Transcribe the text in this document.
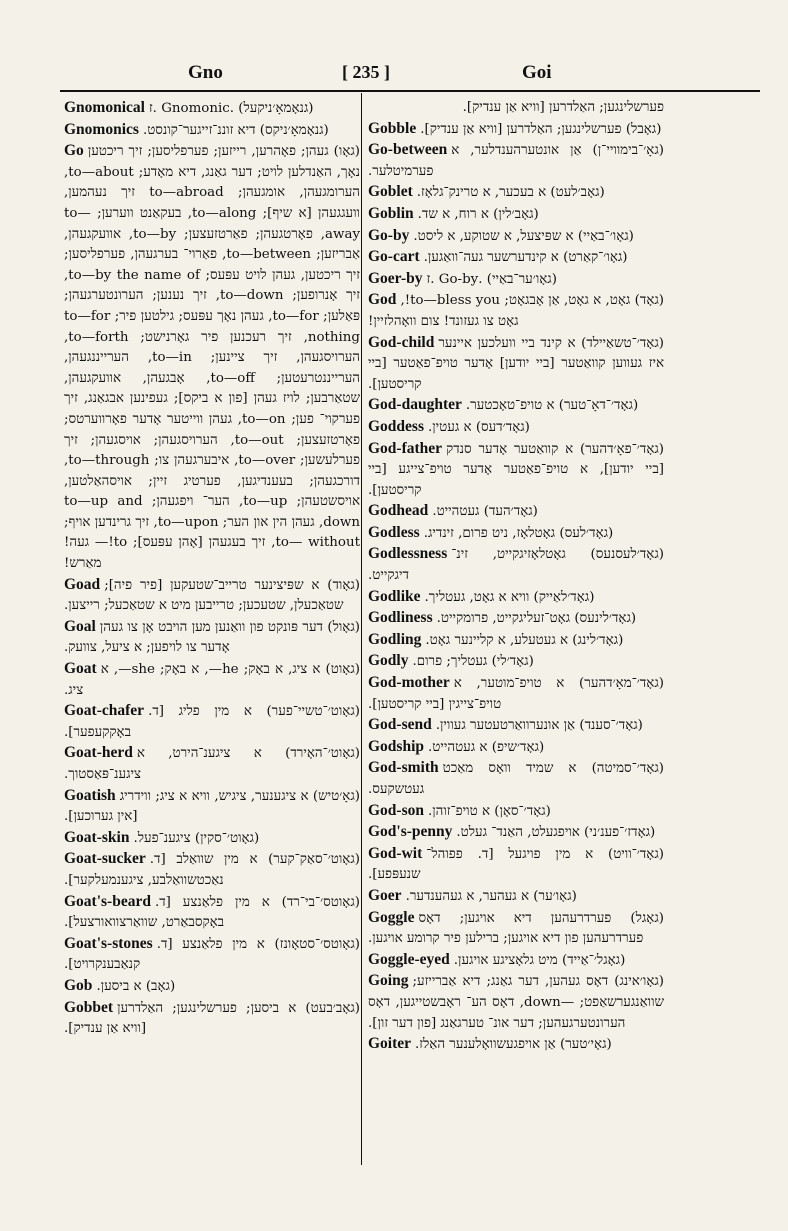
Gno	[ 235 ]	Goi

Gnomonical (גנאָמאָ׳ניקעל) .Gnomonic .ז

Gnomonics (גנאָמאָ׳ניקס) דיא זוננ־זייגער־קונסט.

Go (גאָו) געהן; פאָהרען, רייזען; פערפליסען; זיך ריכטען נאָך, האַנדלען לויט; דער גאַנג, דיא מאָדע; to—about, הערומגעהן, אומגעהן; to—abroad זיך נעהמען, וועגגעהן [א שיף]; to—along, בעקאַנט ווערען; to—away, פאָרטגעהן; פאַרטזעצען; to—by, אוועקגעהן, אַבריזען; to—between, פאַרוי־ בערגעהן, פערפליסען; זיך ריכטען, געהן לויט עפּעס; to—by the name of, זיך אָנרופען; to—down, זיך נענען; הערונטערגעהן; פּאַלען; to—for, געהן נאָך עפּעס; גילטען פיר; to—for nothing, זיך רעכנען פיר גאָרנישט; to—forth, הערויסגעהן, זיך ציינען; to—in, הערייננגעהן, הערייננטרעטען; to—off, אָבגעהן, אוועקגעהן, שטאַרבען; לויז געהן [פון א ביקס]; געפינען אבגאַנג, זיך פערקוי־ פען; to—on, געהן ווייטער אָדער פאָרווערטס; פאָרטזעצען; to—out, הערויסגעהן; אויסגעהן; זיך פערלעשען; to—over, איבערגעהן צו; to—through, דורכגעהן; בעענדיגען, פערטיג זיין; אויסהאַלטען, אויסשטעהן; to—up, הער־ ויפגעהן; to—up and down, געהן הין און הער; to—upon, זיך גרינדען אויף; to— without, זיך בעגעהן [אָהן עפּעס]; to!— געה! מאַרש!

Goad (גאָוד) א שפּיצינער טרייב־שטעקען [פיר פיה]; שטאַכעלן, שטעכען; טרייבען מיט א שטאַכעל; רייצען.

Goal (גאָול) דער פּונקט פון וואַנען מען הויבט אָן צו געהן אָדער צו לויפען; א ציעל, צוועק.

Goat (גאָוט) א ציג, א באָק; he—, א באָק; she—, א ציג.

Goat-chafer (גאָוט׳־טשיי־פער) א מין פליג [ד. באָקקעפער].

Goat-herd (גאָוט׳־האָירד) א ציגענ־הירט, א ציגענ־פּאַסטוך.

Goatish (גאָ׳טיש) א ציגענער, ציגיש, וויא א ציג; ווידריג [אין גערוכען].

Goat-skin (גאָוט׳־סקין) ציגענ־פעל.

Goat-sucker (גאָוט׳־סאַק־קער) א מין שוואַלב [ד. נאַכטשוואַלבע, ציגענמעלקער].

Goat's-beard (גאָוטס׳־בי־רד) א מין פלאַנצע [ד. באָקסבאַרט, שוואַרצוואורצעל].

Goat's-stones (גאָוטס׳־סטאָונז) א מין פלאַנצע [ד. קנאַבענקרויט].

Gob (גאָב) א ביסען.

Gobbet (גאָב׳בעט) א ביסען; פערשלינגען; האַלדרען [וויא אַן ענדיק].

פערשלינגען; האַלדרען [וויא אַן ענדיק].

Gobble (גאָבל) פערשלינגען; האַלדרען [וויא אַן ענדיק].

Go-between (גאָ׳־בימוויי־ן) אַן אונטערהענדלער, א פערמיטלער.

Goblet (גאָב׳לעט) א בעכער, א טרינק־גלאָז.

Goblin (גאָב׳לין) א רוח, א שד.

Go-by (גאָו׳־באַיי) א שפּיצעל, א שטוקע, א ליסט.

Go-cart (גאָו׳־קאַרט) א קינדערשער געה־וואַגען.

Goer-by (גאָו׳ער־באַיי) .Go-by .ז

God (גאָד) גאָט, א גאָט, אַן אָבגאָט; to—bless you!, גאָט צו געזונד! צום וואָהלזיין!

God-child (גאָד׳־טשאַיילד) א קינד ביי וועלכען איינער איז געווען קוואַטער [ביי יודען] אָדער טויפ־פאַטער [ביי קריסטען].

God-daughter (גאָד׳־דאָ־טער) א טויפ־טאָכטער.

Goddess (גאָד׳דעס) א געטין.

God-father (גאָד׳־פאָ׳דהער) א קוואַטער אָדער סנדק [ביי יודען], א טויפ־פאַטער אָדער טויפ־צייגע [ביי קריסטען].

Godhead (גאָד׳העד) געטהייט.

Godless (גאָד׳לעס) גאָטלאָז, ניט פרום, זינדיג.

Godlessness (גאָד׳לעסנעס) גאָטלאָזיגקייט, זינ־ דיגקייט.

Godlike (גאָד׳לאַייק) וויא א גאָט, געטליך.

Godliness (גאָד׳לינעס) גאָט־זעליגקייט, פרומקייט.

Godling (גאָד׳לינג) א געטעלע, א קליינער גאָט.

Godly (גאָד׳לי) געטליך; פרום.

God-mother (גאָד׳־מאָ׳דהער) א טויפ־מוטער, א טויפ־צייגין [ביי קריסטען].

God-send (גאָד׳־סענד) אַן אונערוואַרטעטער געווין.

Godship (גאָד׳שיפ) א געטהייט.

God-smith (גאָד׳־סמיטה) א שמיד וואָס מאַכט געטשקעס.

God-son (גאָד׳־סאָן) א טויפ־זוהן.

God's-penny (גאָדז׳־פענ׳ני) אויפגעלט, האַנד־ געלט.

God-wit (גאָד׳־וויט) א מין פויגעל [ד. פפוהל־ שנעפּפע].

Goer (גאָו׳ער) א געהער, א געהענדער.

Goggle (גאָגל) פערדרעהען דיא אויגען; דאָס פערדרעהען פון דיא אויגען; ברילען פיר קרומע אויגען.

Goggle-eyed (גאָגל׳־אַייד) מיט גלאָציגע אויגען.

Going (גאָו׳אינג) דאָס געהען, דער גאַנג; דיא אַברייזע; שוואַנגערשאַפט; —down, דאָס הע־ ראָבשטייגען, דאָס הערונטערגעהען; דער אונ־ טערגאַנג [פון דער זון].

Goiter (גאָי׳טער) אַן אויפגעשוואָלענער האַלז.
